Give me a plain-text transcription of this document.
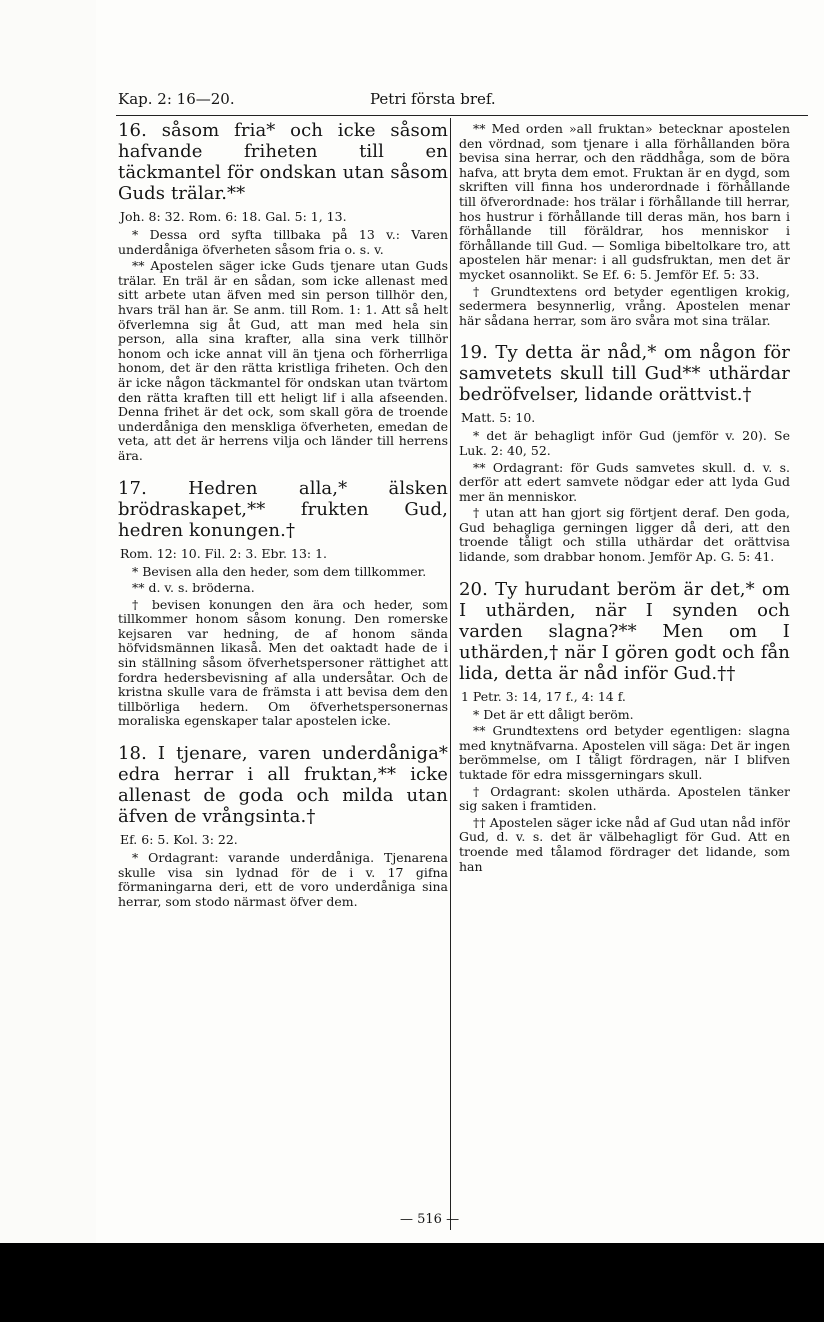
Kap. 2: 16—20.	Petri första bref.

16. såsom fria* och icke såsom hafvande friheten till en täckmantel för ondskan utan såsom Guds trälar.**

Joh. 8: 32. Rom. 6: 18. Gal. 5: 1, 13.

* Dessa ord syfta tillbaka på 13 v.: Varen underdåniga öfverheten såsom fria o. s. v.

** Apostelen säger icke Guds tjenare utan Guds trälar. En träl är en sådan, som icke allenast med sitt arbete utan äfven med sin person tillhör den, hvars träl han är. Se anm. till Rom. 1: 1. Att så helt öfverlemna sig åt Gud, att man med hela sin person, alla sina krafter, alla sina verk tillhör honom och icke annat vill än tjena och förherrliga honom, det är den rätta kristliga friheten. Och den är icke någon täckmantel för ondskan utan tvärtom den rätta kraften till ett heligt lif i alla afseenden. Denna frihet är det ock, som skall göra de troende underdåniga den menskliga öfverheten, emedan de veta, att det är herrens vilja och länder till herrens ära.

17. Hedren alla,* älsken brödraskapet,** frukten Gud, hedren konungen.†

Rom. 12: 10. Fil. 2: 3. Ebr. 13: 1.

* Bevisen alla den heder, som dem tillkommer.

** d. v. s. bröderna.

† bevisen konungen den ära och heder, som tillkommer honom såsom konung. Den romerske kejsaren var hedning, de af honom sända höfvidsmännen likaså. Men det oaktadt hade de i sin ställning såsom öfverhetspersoner rättighet att fordra hedersbevisning af alla undersåtar. Och de kristna skulle vara de främsta i att bevisa dem den tillbörliga hedern. Om öfverhetspersonernas moraliska egenskaper talar apostelen icke.

18. I tjenare, varen underdåniga* edra herrar i all fruktan,** icke allenast de goda och milda utan äfven de vrångsinta.†

Ef. 6: 5. Kol. 3: 22.

* Ordagrant: varande underdåniga. Tjenarena skulle visa sin lydnad för de i v. 17 gifna förmaningarna deri, ett de voro underdåniga sina herrar, som stodo närmast öfver dem.

** Med orden »all fruktan» betecknar apostelen den vördnad, som tjenare i alla förhållanden böra bevisa sina herrar, och den räddhåga, som de böra hafva, att bryta dem emot. Fruktan är en dygd, som skriften vill finna hos underordnade i förhållande till öfverordnade: hos trälar i förhållande till herrar, hos hustrur i förhållande till deras män, hos barn i förhållande till föräldrar, hos menniskor i förhållande till Gud. — Somliga bibeltolkare tro, att apostelen här menar: i all gudsfruktan, men det är mycket osannolikt. Se Ef. 6: 5. Jemför Ef. 5: 33.

† Grundtextens ord betyder egentligen krokig, sedermera besynnerlig, vrång. Apostelen menar här sådana herrar, som äro svåra mot sina trälar.

19. Ty detta är nåd,* om någon för samvetets skull till Gud** uthärdar bedröfvelser, lidande orättvist.†

Matt. 5: 10.

* det är behagligt inför Gud (jemför v. 20). Se Luk. 2: 40, 52.

** Ordagrant: för Guds samvetes skull. d. v. s. derför att edert samvete nödgar eder att lyda Gud mer än menniskor.

† utan att han gjort sig förtjent deraf. Den goda, Gud behagliga gerningen ligger då deri, att den troende tåligt och stilla uthärdar det orättvisa lidande, som drabbar honom. Jemför Ap. G. 5: 41.

20. Ty hurudant beröm är det,* om I uthärden, när I synden och varden slagna?** Men om I uthärden,† när I gören godt och fån lida, detta är nåd inför Gud.††

1 Petr. 3: 14, 17 f., 4: 14 f.

* Det är ett dåligt beröm.

** Grundtextens ord betyder egentligen: slagna med knytnäfvarna. Apostelen vill säga: Det är ingen berömmelse, om I tåligt fördragen, när I blifven tuktade för edra missgerningars skull.

† Ordagrant: skolen uthärda. Apostelen tänker sig saken i framtiden.

†† Apostelen säger icke nåd af Gud utan nåd inför Gud, d. v. s. det är välbehagligt för Gud. Att en troende med tålamod fördrager det lidande, som han

— 516 —
